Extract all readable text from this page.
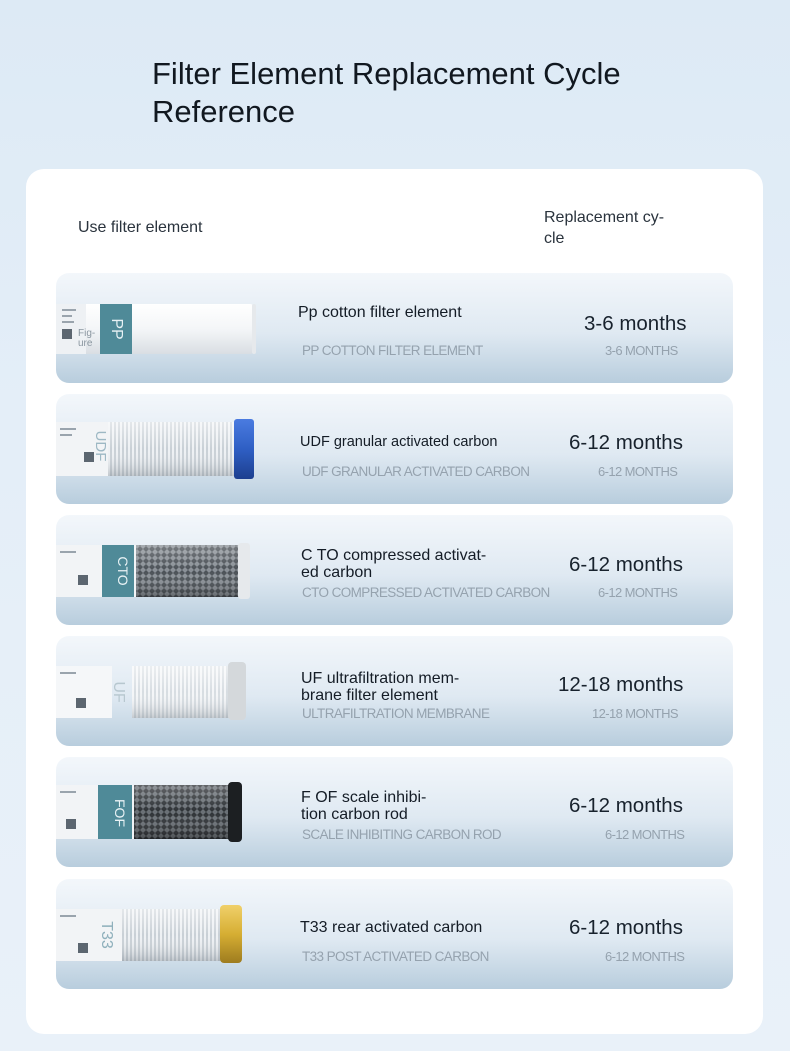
Filter Element Replacement Cycle Reference
Use filter element
Replacement cy-
cle
PP
Fig-
ure
Pp cotton filter element
PP COTTON FILTER ELEMENT
3-6 months
3-6 MONTHS
UDF	UDF granular activated carbon
UDF GRANULAR ACTIVATED CARBON
6-12 months
6-12 MONTHS
CTO
C TO compressed activat-
ed carbon
CTO COMPRESSED ACTIVATED CARBON
6-12 months
6-12 MONTHS
UF
UF ultrafiltration mem-
brane filter element
ULTRAFILTRATION MEMBRANE
12-18 months
12-18 MONTHS
FOF
F OF scale inhibi-
tion carbon rod
SCALE INHIBITING CARBON ROD
6-12 months
6-12 MONTHS
T33	T33 rear activated carbon
T33 POST ACTIVATED CARBON
6-12 months
6-12 MONTHS
